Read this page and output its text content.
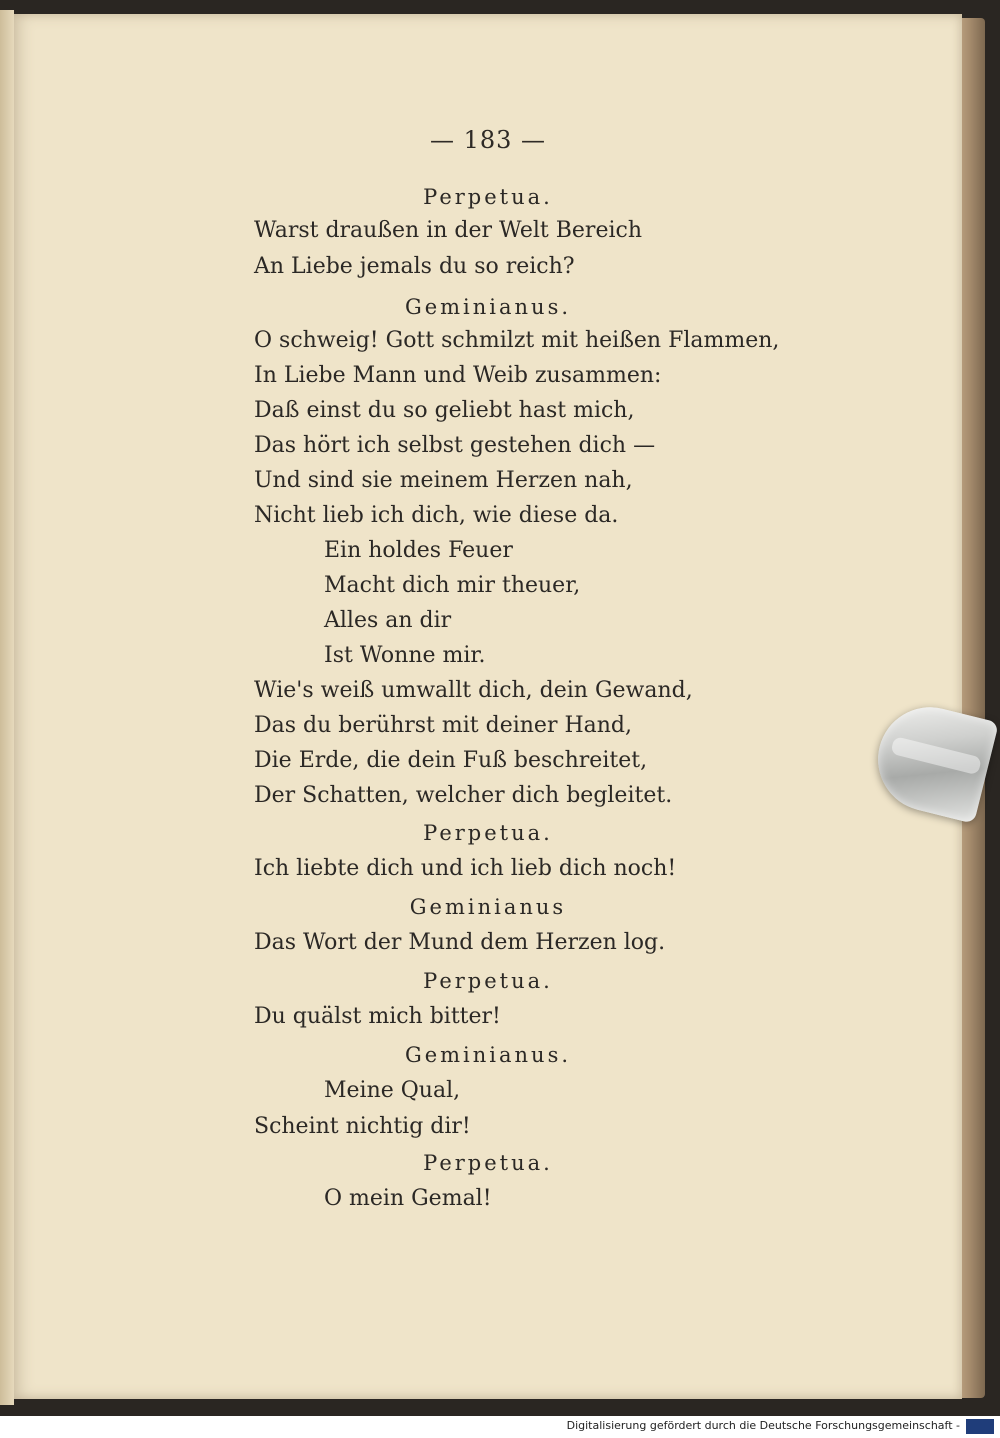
— 183 —
Perpetua.
Warst draußen in der Welt Bereich
An Liebe jemals du so reich?
Geminianus.
O schweig! Gott schmilzt mit heißen Flammen,
In Liebe Mann und Weib zusammen:
Daß einst du so geliebt hast mich,
Das hört ich selbst gestehen dich —
Und sind sie meinem Herzen nah,
Nicht lieb ich dich, wie diese da.
Ein holdes Feuer
Macht dich mir theuer,
Alles an dir
Ist Wonne mir.
Wie's weiß umwallt dich, dein Gewand,
Das du berührst mit deiner Hand,
Die Erde, die dein Fuß beschreitet,
Der Schatten, welcher dich begleitet.
Perpetua.
Ich liebte dich und ich lieb dich noch!
Geminianus
Das Wort der Mund dem Herzen log.
Perpetua.
Du quälst mich bitter!
Geminianus.
Meine Qual,
Scheint nichtig dir!
Perpetua.
O mein Gemal!
Digitalisierung gefördert durch die Deutsche Forschungsgemeinschaft -
